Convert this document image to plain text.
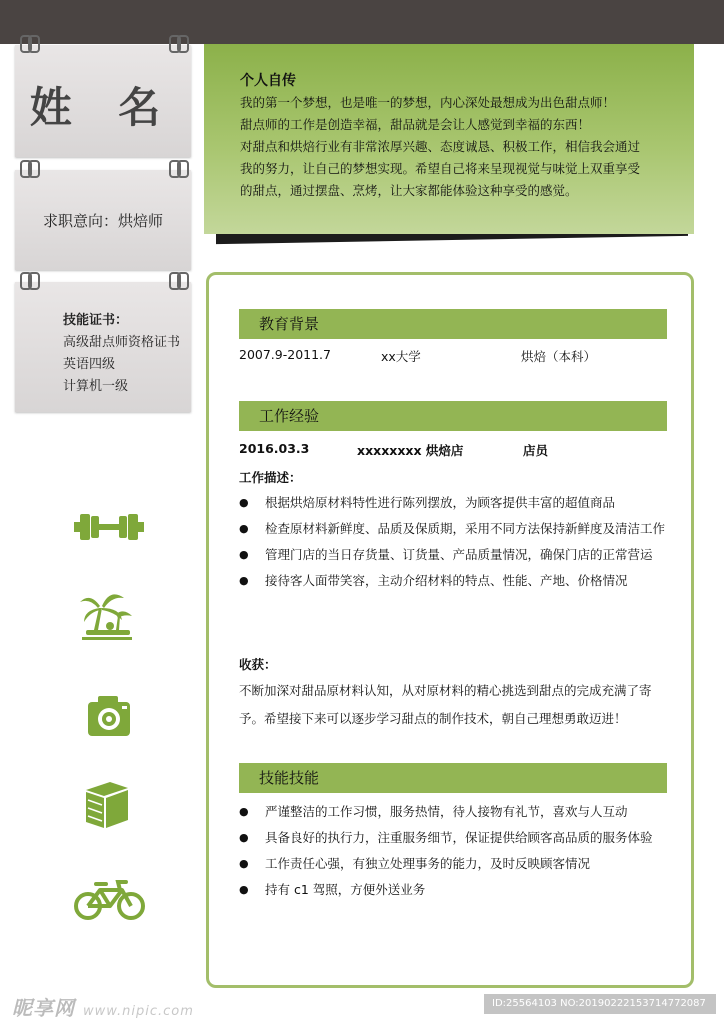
姓 名
求职意向：烘焙师
技能证书：
高级甜点师资格证书
英语四级
计算机一级
个人自传
我的第一个梦想，也是唯一的梦想，内心深处最想成为出色甜点师！
甜点师的工作是创造幸福，甜品就是会让人感觉到幸福的东西！
对甜点和烘焙行业有非常浓厚兴趣、态度诚恳、积极工作，相信我会通过
我的努力，让自己的梦想实现。希望自己将来呈现视觉与味觉上双重享受
的甜点，通过摆盘、烹烤，让大家都能体验这种享受的感觉。
教育背景
2007.9-2011.7	xx大学	烘焙（本科）
工作经验
2016.03.3	xxxxxxxx 烘焙店	店员
工作描述：
● 根据烘焙原材料特性进行陈列摆放，为顾客提供丰富的超值商品
● 检查原材料新鲜度、品质及保质期，采用不同方法保持新鲜度及清洁工作
● 管理门店的当日存货量、订货量、产品质量情况，确保门店的正常营运
● 接待客人面带笑容，主动介绍材料的特点、性能、产地、价格情况
收获：
不断加深对甜品原材料认知，从对原材料的精心挑选到甜点的完成充满了寄予。希望接下来可以逐步学习甜点的制作技术，朝自己理想勇敢迈进！
技能技能
● 严谨整洁的工作习惯，服务热情，待人接物有礼节，喜欢与人互动
● 具备良好的执行力，注重服务细节，保证提供给顾客高品质的服务体验
● 工作责任心强，有独立处理事务的能力，及时反映顾客情况
● 持有 c1 驾照，方便外送业务
昵享网 www.nipic.com
ID:25564103 NO:20190222153714772087
